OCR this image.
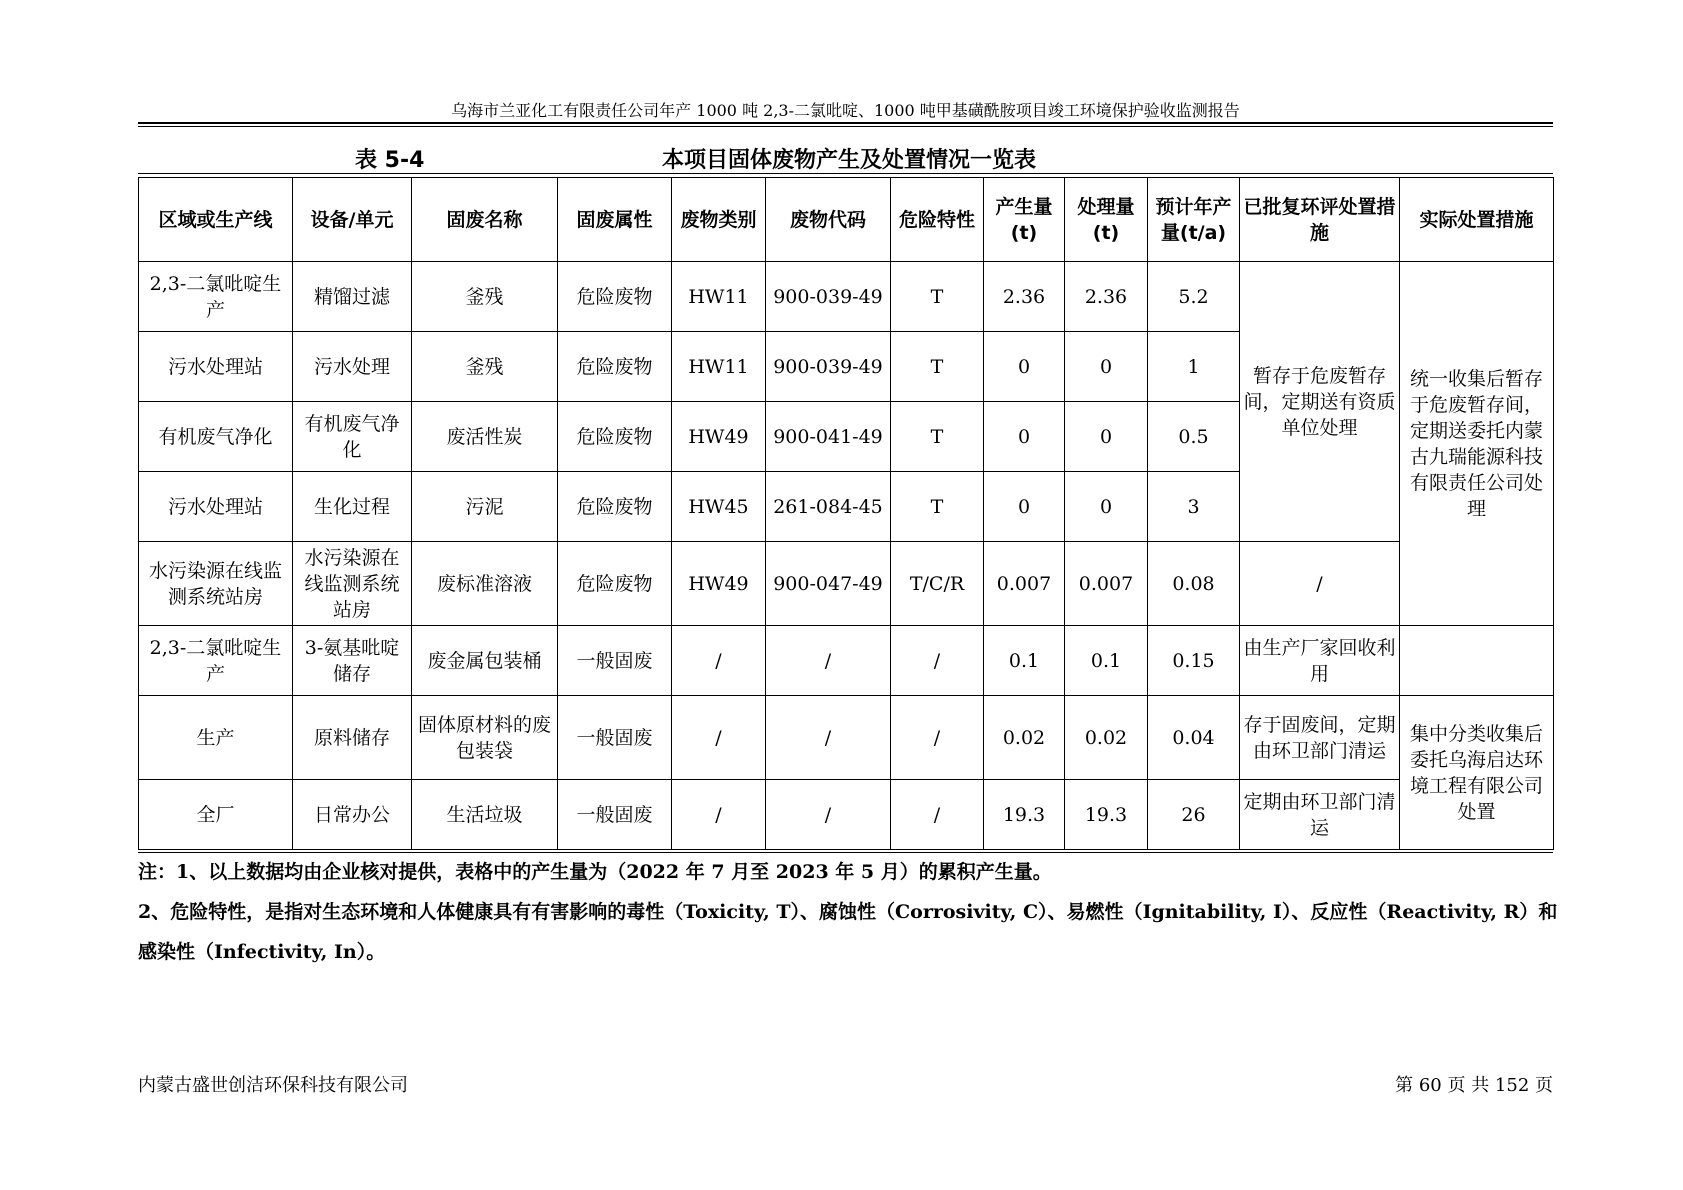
乌海市兰亚化工有限责任公司年产 1000 吨 2,3-二氯吡啶、1000 吨甲基磺酰胺项目竣工环境保护验收监测报告
表 5-4	本项目固体废物产生及处置情况一览表
区域或生产线	设备/单元	固废名称	固废属性	废物类别	废物代码	危险特性	产生量(t)	处理量(t)	预计年产量(t/a)	已批复环评处置措施	实际处置措施
2,3-二氯吡啶生产	精馏过滤	釜残	危险废物	HW11	900-039-49	T	2.36	2.36	5.2	暂存于危废暂存间，定期送有资质单位处理	统一收集后暂存于危废暂存间，定期送委托内蒙古九瑞能源科技有限责任公司处理
污水处理站	污水处理	釜残	危险废物	HW11	900-039-49	T	0	0	1		
有机废气净化	有机废气净化	废活性炭	危险废物	HW49	900-041-49	T	0	0	0.5		
污水处理站	生化过程	污泥	危险废物	HW45	261-084-45	T	0	0	3		
水污染源在线监测系统站房	水污染源在线监测系统站房	废标准溶液	危险废物	HW49	900-047-49	T/C/R	0.007	0.007	0.08	/	
2,3-二氯吡啶生产	3-氨基吡啶储存	废金属包装桶	一般固废	/	/	/	0.1	0.1	0.15	由生产厂家回收利用	
生产	原料储存	固体原材料的废包装袋	一般固废	/	/	/	0.02	0.02	0.04	存于固废间，定期由环卫部门清运	集中分类收集后委托乌海启达环境工程有限公司处置
全厂	日常办公	生活垃圾	一般固废	/	/	/	19.3	19.3	26	定期由环卫部门清运	

注：1、以上数据均由企业核对提供，表格中的产生量为（2022 年 7 月至 2023 年 5 月）的累积产生量。

2、危险特性，是指对生态环境和人体健康具有有害影响的毒性（Toxicity, T）、腐蚀性（Corrosivity, C）、易燃性（Ignitability, I）、反应性（Reactivity, R）和感染性（Infectivity, In）。

内蒙古盛世创洁环保科技有限公司	第 60 页 共 152 页
